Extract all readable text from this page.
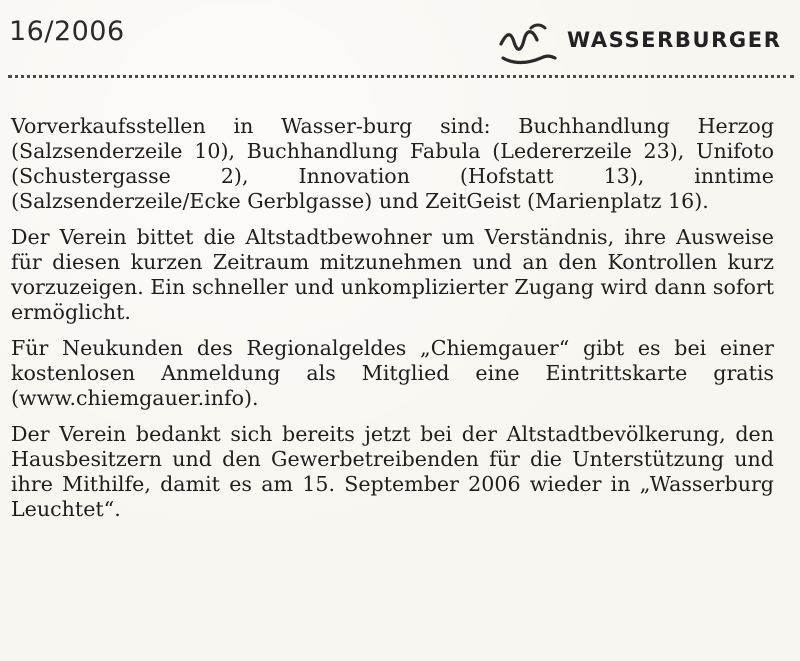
16/2006	WASSERBURGER

Vorverkaufsstellen in Wasser-burg sind: Buchhandlung Herzog (Salzsenderzeile 10), Buchhandlung Fabula (Ledererzeile 23), Unifoto (Schustergasse 2), Innovation (Hofstatt 13), inntime (Salzsenderzeile/Ecke Gerblgasse) und ZeitGeist (Marienplatz 16).

Der Verein bittet die Altstadtbewohner um Verständnis, ihre Ausweise für diesen kurzen Zeitraum mitzunehmen und an den Kontrollen kurz vorzuzeigen. Ein schneller und unkomplizierter Zugang wird dann sofort ermöglicht.

Für Neukunden des Regionalgeldes „Chiemgauer“ gibt es bei einer kostenlosen Anmeldung als Mitglied eine Eintrittskarte gratis (www.chiemgauer.info).

Der Verein bedankt sich bereits jetzt bei der Altstadtbevölkerung, den Hausbesitzern und den Gewerbetreibenden für die Unterstützung und ihre Mithilfe, damit es am 15. September 2006 wieder in „Wasserburg Leuchtet“.
